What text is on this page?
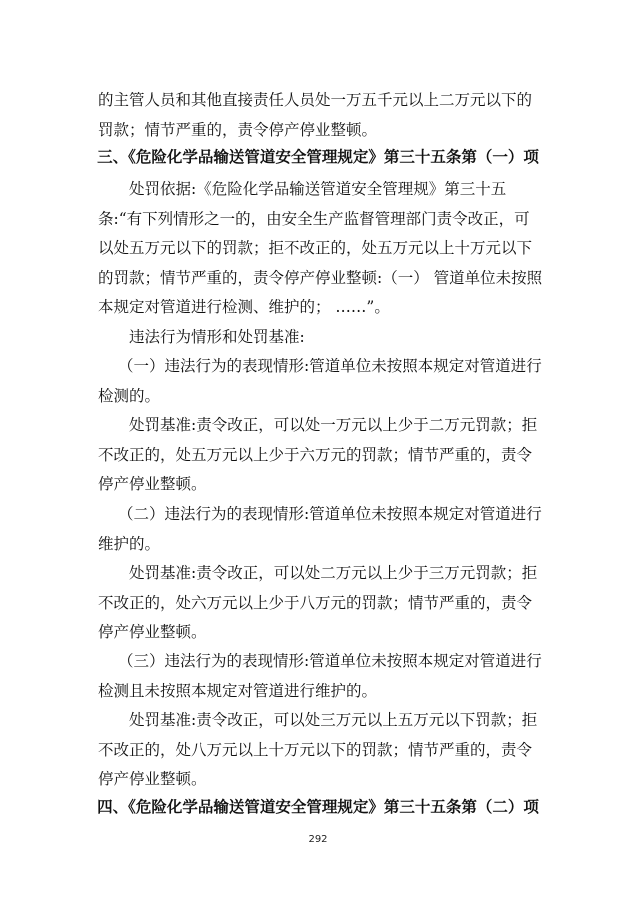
的主管人员和其他直接责任人员处一万五千元以上二万元以下的罚款；情节严重的，责令停产停业整顿。

三、《危险化学品输送管道安全管理规定》第三十五条第（一）项

处罚依据:《危险化学品输送管道安全管理规》第三十五条:“有下列情形之一的，由安全生产监督管理部门责令改正，可以处五万元以下的罚款；拒不改正的，处五万元以上十万元以下的罚款；情节严重的，责令停产停业整顿:（一） 管道单位未按照本规定对管道进行检测、维护的； ……”。

违法行为情形和处罚基准:

（一）违法行为的表现情形:管道单位未按照本规定对管道进行检测的。

处罚基准:责令改正，可以处一万元以上少于二万元罚款；拒不改正的，处五万元以上少于六万元的罚款；情节严重的，责令停产停业整顿。

（二）违法行为的表现情形:管道单位未按照本规定对管道进行维护的。

处罚基准:责令改正，可以处二万元以上少于三万元罚款；拒不改正的，处六万元以上少于八万元的罚款；情节严重的，责令停产停业整顿。

（三）违法行为的表现情形:管道单位未按照本规定对管道进行检测且未按照本规定对管道进行维护的。

处罚基准:责令改正，可以处三万元以上五万元以下罚款；拒不改正的，处八万元以上十万元以下的罚款；情节严重的，责令停产停业整顿。

四、《危险化学品输送管道安全管理规定》第三十五条第（二）项

292
